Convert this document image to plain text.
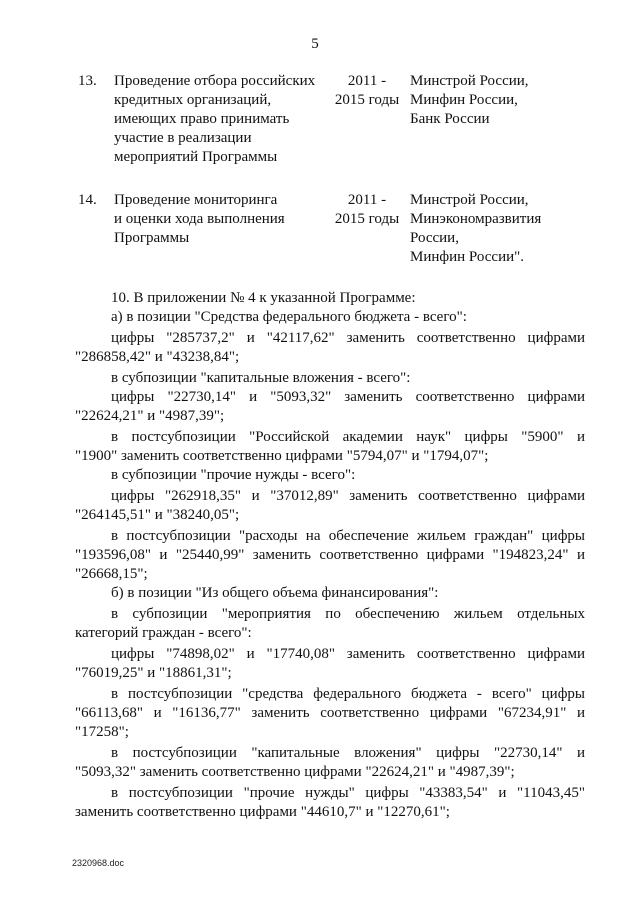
5
13. Проведение отбора российских
кредитных организаций,
имеющих право принимать
участие в реализации
мероприятий Программы
2011 -
2015 годы
Минстрой России,
Минфин России,
Банк России
14. Проведение мониторинга
и оценки хода выполнения
Программы
2011 -
2015 годы
Минстрой России,
Минэкономразвития
России,
Минфин России".
10. В приложении № 4 к указанной Программе:
а) в позиции "Средства федерального бюджета - всего":
цифры "285737,2" и "42117,62" заменить соответственно цифрами
"286858,42" и "43238,84";
в субпозиции "капитальные вложения - всего":
цифры "22730,14" и "5093,32" заменить соответственно цифрами
"22624,21" и "4987,39";
в постсубпозиции "Российской академии наук" цифры "5900" и
"1900" заменить соответственно цифрами "5794,07" и "1794,07";
в субпозиции "прочие нужды - всего":
цифры "262918,35" и "37012,89" заменить соответственно цифрами
"264145,51" и "38240,05";
в постсубпозиции "расходы на обеспечение жильем граждан" цифры
"193596,08" и "25440,99" заменить соответственно цифрами "194823,24" и
"26668,15";
б) в позиции "Из общего объема финансирования":
в субпозиции "мероприятия по обеспечению жильем отдельных
категорий граждан - всего":
цифры "74898,02" и "17740,08" заменить соответственно цифрами
"76019,25" и "18861,31";
в постсубпозиции "средства федерального бюджета - всего" цифры
"66113,68" и "16136,77" заменить соответственно цифрами "67234,91" и
"17258";
в постсубпозиции "капитальные вложения" цифры "22730,14" и
"5093,32" заменить соответственно цифрами "22624,21" и "4987,39";
в постсубпозиции "прочие нужды" цифры "43383,54" и "11043,45"
заменить соответственно цифрами "44610,7" и "12270,61";
2320968.doc
